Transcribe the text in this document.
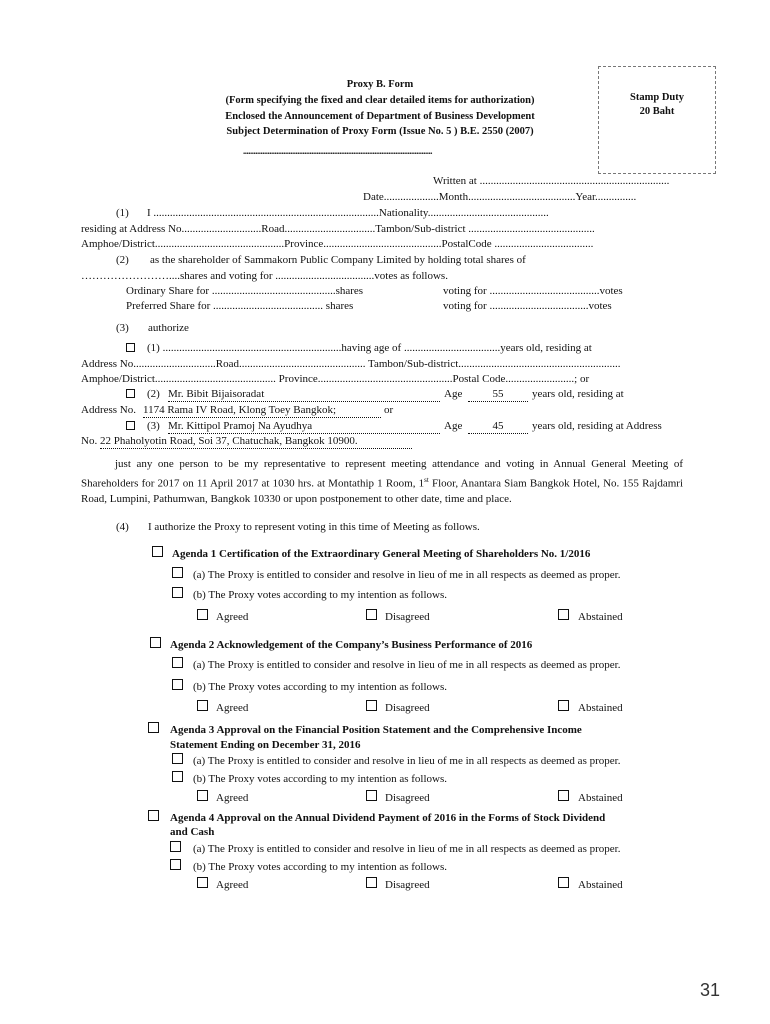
Proxy B. Form
(Form specifying the fixed and clear detailed items for authorization)
Enclosed the Announcement of Department of Business Development
Subject Determination of Proxy Form (Issue No. 5 ) B.E. 2550 (2007)
............................................................................................................
Stamp Duty
20 Baht
Written at .....................................................................
Date....................Month.......................................Year...............
(1) I ..................................................................................Nationality............................................
residing at Address No.............................Road.................................Tambon/Sub-district ..............................................
Amphoe/District...............................................Province...........................................PostalCode ....................................
(2) as the shareholder of Sammakorn Public Company Limited by holding total shares of
……………………....shares and voting for ....................................votes as follows.
Ordinary Share for .............................................shares	voting for ........................................votes
Preferred Share for ........................................ shares	voting for ....................................votes
(3) authorize
(1) .................................................................having age of ...................................years old, residing at
Address No..............................Road.............................................. Tambon/Sub-district...........................................................
Amphoe/District............................................ Province.................................................Postal Code.........................; or
(2) Mr. Bibit Bijaisoradat	Age	55	years old, residing at
Address No. 1174 Rama IV Road, Klong Toey Bangkok;	or
(3) Mr. Kittipol Pramoj Na Ayudhya	Age	45	years old, residing at Address
No. 22 Phaholyotin Road, Soi 37, Chatuchak, Bangkok 10900.
just any one person to be my representative to represent meeting attendance and voting in Annual General Meeting of Shareholders for 2017 on 11 April 2017 at 1030 hrs. at Montathip 1 Room, 1st Floor, Anantara Siam Bangkok Hotel, No. 155 Rajdamri Road, Lumpini, Pathumwan, Bangkok 10330 or upon postponement to other date, time and place.
(4) I authorize the Proxy to represent voting in this time of Meeting as follows.
Agenda 1 Certification of the Extraordinary General Meeting of Shareholders No. 1/2016
(a) The Proxy is entitled to consider and resolve in lieu of me in all respects as deemed as proper.
(b) The Proxy votes according to my intention as follows.
Agreed	Disagreed	Abstained
Agenda 2 Acknowledgement of the Company’s Business Performance of 2016
(a) The Proxy is entitled to consider and resolve in lieu of me in all respects as deemed as proper.
(b) The Proxy votes according to my intention as follows.
Agreed	Disagreed	Abstained
Agenda 3 Approval on the Financial Position Statement and the Comprehensive Income
Statement Ending on December 31, 2016
(a) The Proxy is entitled to consider and resolve in lieu of me in all respects as deemed as proper.
(b) The Proxy votes according to my intention as follows.
Agreed	Disagreed	Abstained
Agenda 4 Approval on the Annual Dividend Payment of 2016 in the Forms of Stock Dividend
and Cash
(a) The Proxy is entitled to consider and resolve in lieu of me in all respects as deemed as proper.
(b) The Proxy votes according to my intention as follows.
Agreed	Disagreed	Abstained
31
